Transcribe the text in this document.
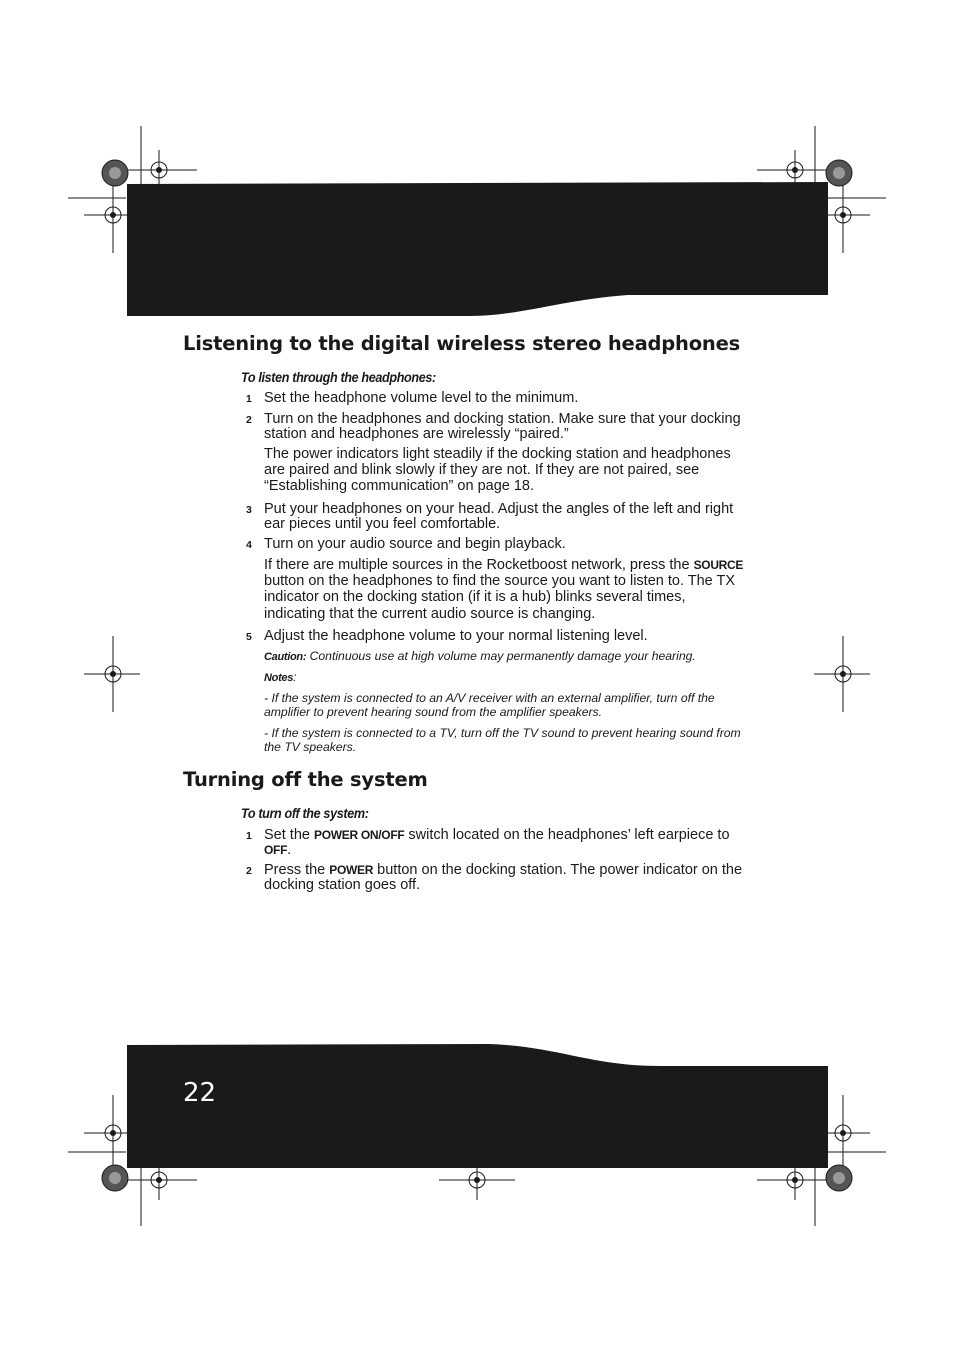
Listening to the digital wireless stereo headphones
To listen through the headphones:
1 Set the headphone volume level to the minimum.
2 Turn on the headphones and docking station. Make sure that your docking station and headphones are wirelessly “paired.”
The power indicators light steadily if the docking station and headphones are paired and blink slowly if they are not. If they are not paired, see “Establishing communication” on page 18.
3 Put your headphones on your head. Adjust the angles of the left and right ear pieces until you feel comfortable.
4 Turn on your audio source and begin playback.
If there are multiple sources in the Rocketboost network, press the SOURCE button on the headphones to find the source you want to listen to. The TX indicator on the docking station (if it is a hub) blinks several times, indicating that the current audio source is changing.
5 Adjust the headphone volume to your normal listening level.
Caution: Continuous use at high volume may permanently damage your hearing.
Notes:
- If the system is connected to an A/V receiver with an external amplifier, turn off the amplifier to prevent hearing sound from the amplifier speakers.
- If the system is connected to a TV, turn off the TV sound to prevent hearing sound from the TV speakers.
Turning off the system
To turn off the system:
1 Set the POWER ON/OFF switch located on the headphones’ left earpiece to OFF.
2 Press the POWER button on the docking station. The power indicator on the docking station goes off.
22
